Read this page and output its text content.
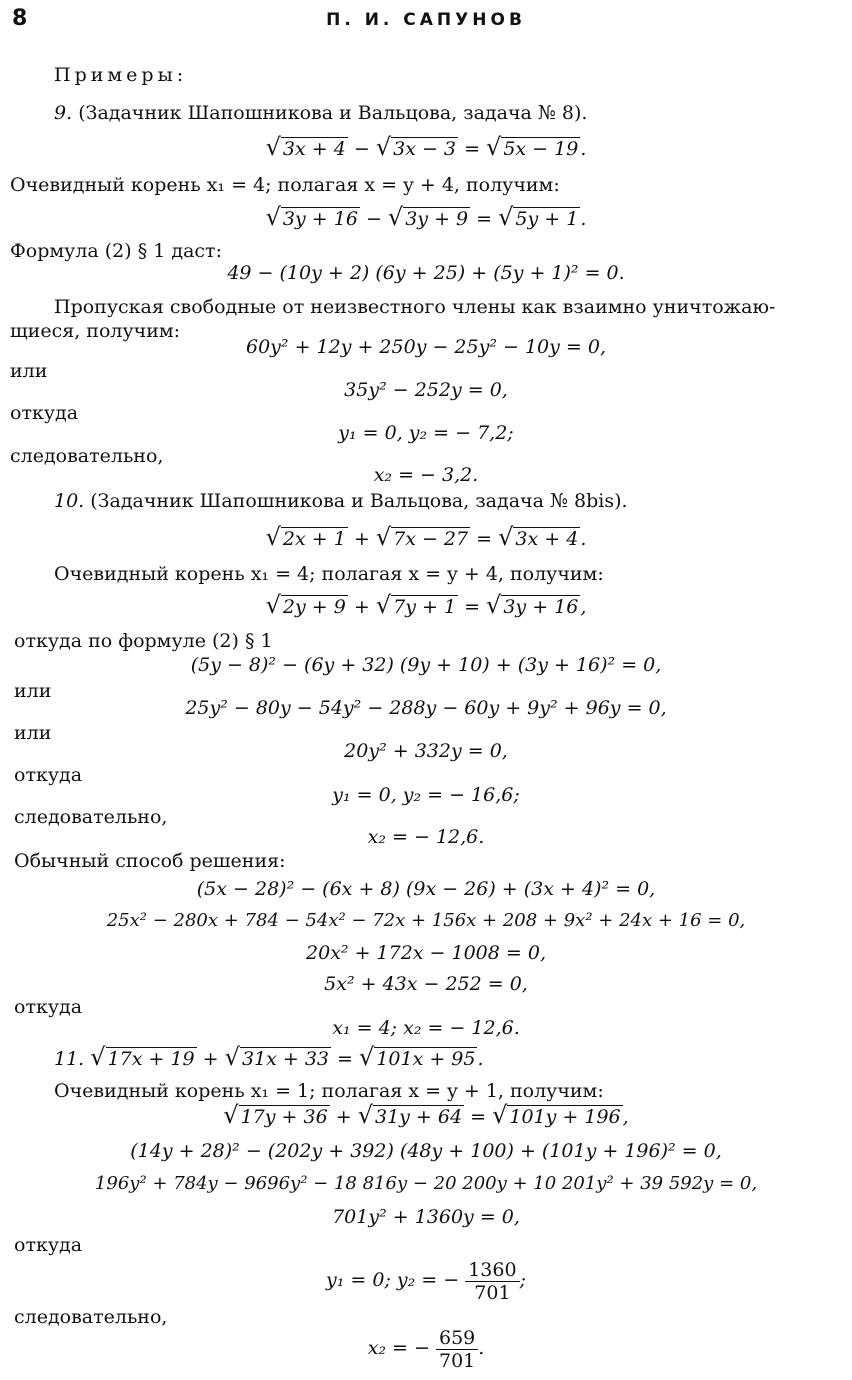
8	П. И. САПУНОВ
Примеры:
9. (Задачник Шапошникова и Вальцова, задача № 8).
√ 3x + 4 − √ 3x − 3 = √ 5x − 19 .
Очевидный корень x₁ = 4; полагая x = y + 4, получим:
√ 3y + 16 − √ 3y + 9 = √ 5y + 1 .
Формула (2) § 1 даст:
49 − (10y + 2) (6y + 25) + (5y + 1)² = 0.
Пропуская свободные от неизвестного члены как взаимно уничтожаю-
щиеся, получим:
60y² + 12y + 250y − 25y² − 10y = 0,
или
35y² − 252y = 0,
откуда
y₁ = 0, y₂ = − 7,2;
следовательно,
x₂ = − 3,2.
10. (Задачник Шапошникова и Вальцова, задача № 8bis).
√ 2x + 1 + √ 7x − 27 = √ 3x + 4 .
Очевидный корень x₁ = 4; полагая x = y + 4, получим:
√ 2y + 9 + √ 7y + 1 = √ 3y + 16 ,
откуда по формуле (2) § 1
(5y − 8)² − (6y + 32) (9y + 10) + (3y + 16)² = 0,
или
25y² − 80y − 54y² − 288y − 60y + 9y² + 96y = 0,
или
20y² + 332y = 0,
откуда
y₁ = 0, y₂ = − 16,6;
следовательно,
x₂ = − 12,6.
Обычный способ решения:
(5x − 28)² − (6x + 8) (9x − 26) + (3x + 4)² = 0,
25x² − 280x + 784 − 54x² − 72x + 156x + 208 + 9x² + 24x + 16 = 0,
20x² + 172x − 1008 = 0,
5x² + 43x − 252 = 0,
откуда
x₁ = 4; x₂ = − 12,6.
11. √ 17x + 19 + √ 31x + 33 = √ 101x + 95 .
Очевидный корень x₁ = 1; полагая x = y + 1, получим:
√ 17y + 36 + √ 31y + 64 = √ 101y + 196 ,
(14y + 28)² − (202y + 392) (48y + 100) + (101y + 196)² = 0,
196y² + 784y − 9696y² − 18 816y − 20 200y + 10 201y² + 39 592y = 0,
701y² + 1360y = 0,
откуда
y₁ = 0; y₂ = − $\frac{1360}{701}$ ;
следовательно,
x₂ = − $\frac{659}{701}$ .
